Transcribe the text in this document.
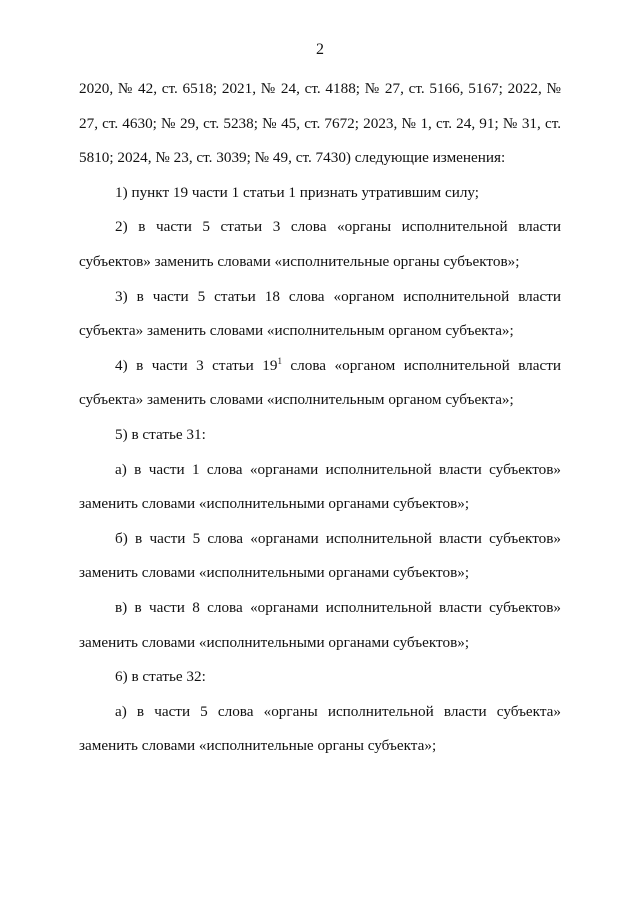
2

2020, № 42, ст. 6518; 2021, № 24, ст. 4188; № 27, ст. 5166, 5167; 2022, № 27, ст. 4630; № 29, ст. 5238; № 45, ст. 7672; 2023, № 1, ст. 24, 91; № 31, ст. 5810; 2024, № 23, ст. 3039; № 49, ст. 7430) следующие изменения:

1) пункт 19 части 1 статьи 1 признать утратившим силу;

2) в части 5 статьи 3 слова «органы исполнительной власти субъектов» заменить словами «исполнительные органы субъектов»;

3) в части 5 статьи 18 слова «органом исполнительной власти субъекта» заменить словами «исполнительным органом субъекта»;

4) в части 3 статьи $19^1$ слова «органом исполнительной власти субъекта» заменить словами «исполнительным органом субъекта»;

5) в статье 31:

а) в части 1 слова «органами исполнительной власти субъектов» заменить словами «исполнительными органами субъектов»;

б) в части 5 слова «органами исполнительной власти субъектов» заменить словами «исполнительными органами субъектов»;

в) в части 8 слова «органами исполнительной власти субъектов» заменить словами «исполнительными органами субъектов»;

6) в статье 32:

а) в части 5 слова «органы исполнительной власти субъекта» заменить словами «исполнительные органы субъекта»;
